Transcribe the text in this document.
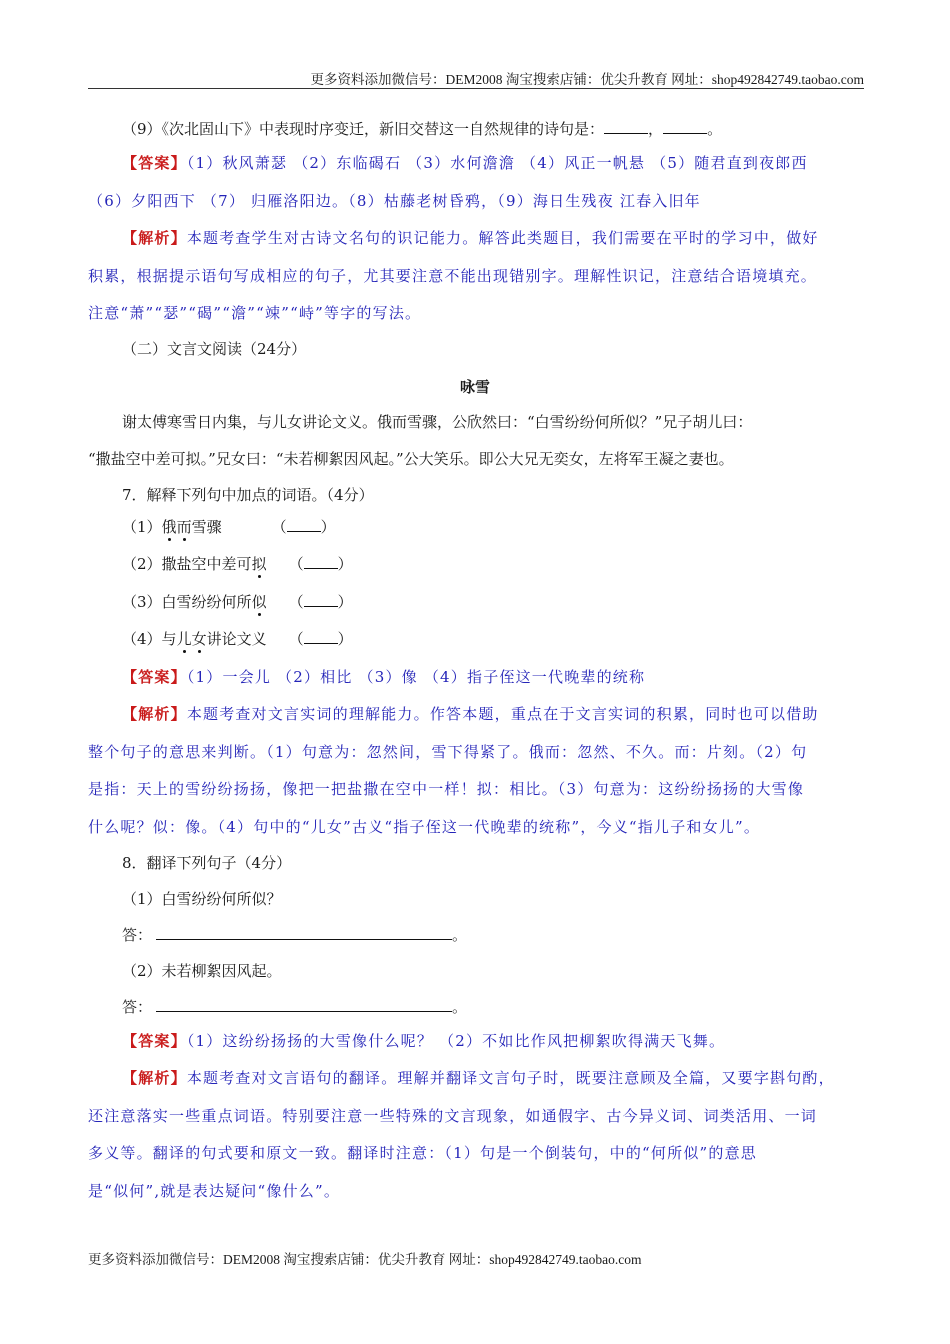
更多资料添加微信号：DEM2008 淘宝搜索店铺：优尖升教育 网址：shop492842749.taobao.com
（9）《次北固山下》中表现时序变迁，新旧交替这一自然规律的诗句是：	，	。
【答案】（1）秋风萧瑟 （2）东临碣石 （3）水何澹澹 （4）风正一帆悬 （5）随君直到夜郎西
（6）夕阳西下 （7） 归雁洛阳边。（8）枯藤老树昏鸦，（9）海日生残夜 江春入旧年
【解析】本题考查学生对古诗文名句的识记能力。解答此类题目，我们需要在平时的学习中，做好
积累，根据提示语句写成相应的句子，尤其要注意不能出现错别字。理解性识记，注意结合语境填充。
注意“萧”“瑟”“碣”“澹”“竦”“峙”等字的写法。
（二）文言文阅读（24分）
咏雪
谢太傅寒雪日内集，与儿女讲论文义。俄而雪骤，公欣然曰：“白雪纷纷何所似？”兄子胡儿曰：
“撒盐空中差可拟。”兄女曰：“未若柳絮因风起。”公大笑乐。即公大兄无奕女，左将军王凝之妻也。
7．解释下列句中加点的词语。（4分）
（1）俄而雪骤	（ ）
（2）撒盐空中差可拟 （ ）
（3）白雪纷纷何所似 （ ）
（4）与儿女讲论文义 （ ）
【答案】（1）一会儿 （2）相比 （3）像 （4）指子侄这一代晚辈的统称
【解析】本题考查对文言实词的理解能力。作答本题，重点在于文言实词的积累，同时也可以借助
整个句子的意思来判断。（1）句意为：忽然间，雪下得紧了。俄而：忽然、不久。而：片刻。（2）句
是指：天上的雪纷纷扬扬，像把一把盐撒在空中一样！拟：相比。（3）句意为：这纷纷扬扬的大雪像
什么呢？似：像。（4）句中的“儿女”古义“指子侄这一代晚辈的统称”，今义“指儿子和女儿”。
8．翻译下列句子（4分）
（1）白雪纷纷何所似？
答：	。
（2）未若柳絮因风起。
答：	。
【答案】（1）这纷纷扬扬的大雪像什么呢？ （2）不如比作风把柳絮吹得满天飞舞。
【解析】本题考查对文言语句的翻译。理解并翻译文言句子时，既要注意顾及全篇，又要字斟句酌，
还注意落实一些重点词语。特别要注意一些特殊的文言现象，如通假字、古今异义词、词类活用、一词
多义等。翻译的句式要和原文一致。翻译时注意：（1）句是一个倒装句，中的“何所似”的意思
是“似何”,就是表达疑问“像什么”。
更多资料添加微信号：DEM2008 淘宝搜索店铺：优尖升教育 网址：shop492842749.taobao.com
